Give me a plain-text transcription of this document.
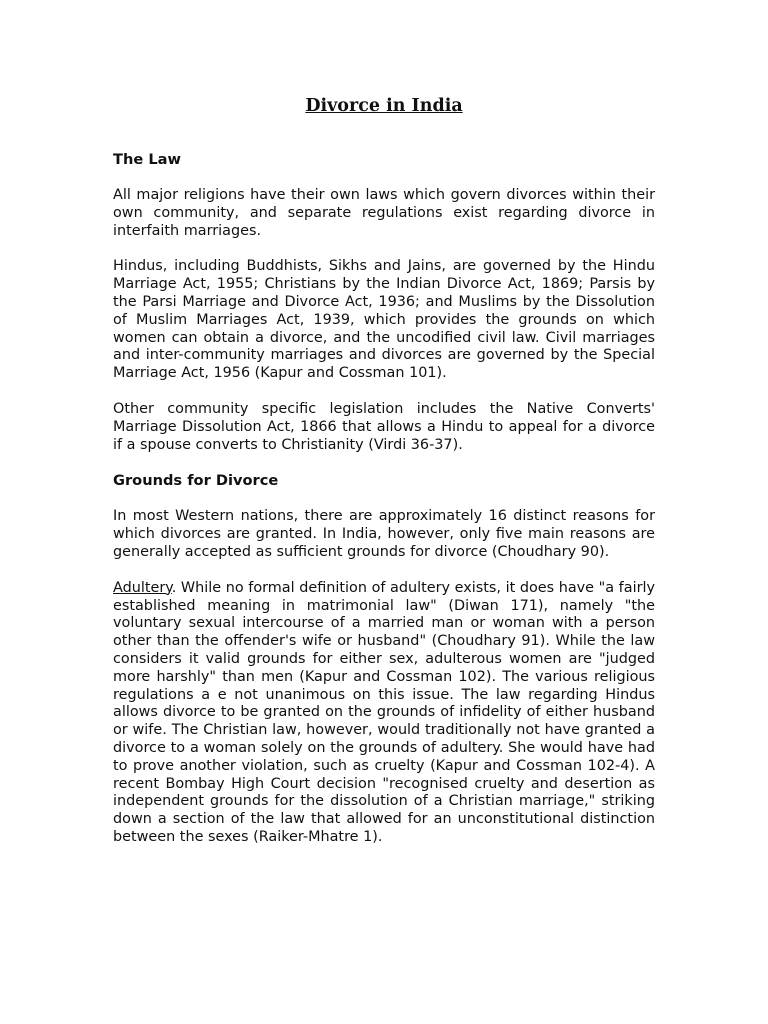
Divorce in India
The Law

All major religions have their own laws which govern divorces within their own community, and separate regulations exist regarding divorce in interfaith marriages.

Hindus, including Buddhists, Sikhs and Jains, are governed by the Hindu Marriage Act, 1955; Christians by the Indian Divorce Act, 1869; Parsis by the Parsi Marriage and Divorce Act, 1936; and Muslims by the Dissolution of Muslim Marriages Act, 1939, which provides the grounds on which women can obtain a divorce, and the uncodified civil law. Civil marriages and inter-community marriages and divorces are governed by the Special Marriage Act, 1956 (Kapur and Cossman 101).

Other community specific legislation includes the Native Converts' Marriage Dissolution Act, 1866 that allows a Hindu to appeal for a divorce if a spouse converts to Christianity (Virdi 36-37).

Grounds for Divorce

In most Western nations, there are approximately 16 distinct reasons for which divorces are granted. In India, however, only five main reasons are generally accepted as sufficient grounds for divorce (Choudhary 90).

Adultery. While no formal definition of adultery exists, it does have "a fairly established meaning in matrimonial law" (Diwan 171), namely "the voluntary sexual intercourse of a married man or woman with a person other than the offender's wife or husband" (Choudhary 91). While the law considers it valid grounds for either sex, adulterous women are "judged more harshly" than men (Kapur and Cossman 102). The various religious regulations a e not unanimous on this issue. The law regarding Hindus allows divorce to be granted on the grounds of infidelity of either husband or wife. The Christian law, however, would traditionally not have granted a divorce to a woman solely on the grounds of adultery. She would have had to prove another violation, such as cruelty (Kapur and Cossman 102-4). A recent Bombay High Court decision "recognised cruelty and desertion as independent grounds for the dissolution of a Christian marriage," striking down a section of the law that allowed for an unconstitutional distinction between the sexes (Raiker-Mhatre 1).
